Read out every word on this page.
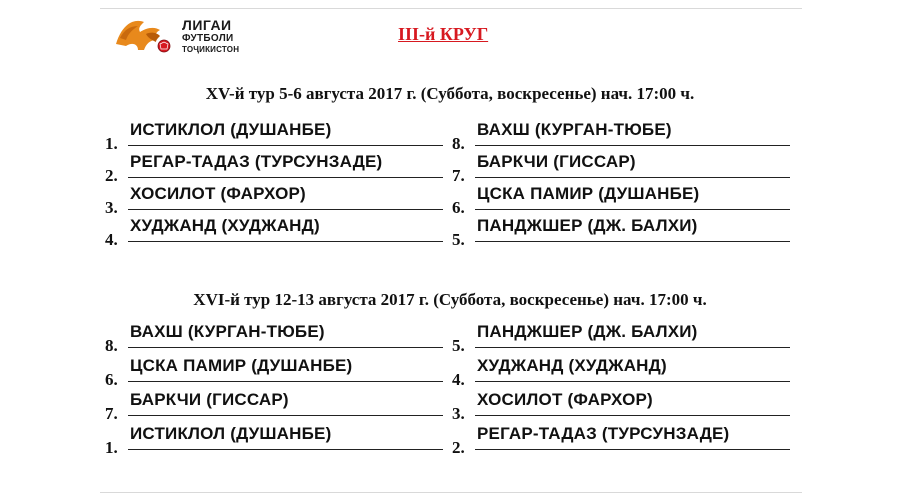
ЛИГАИ
ФУТБОЛИ
ТОҶИКИСТОН
III-й КРУГ
XV-й тур 5-6 августа 2017 г. (Суббота, воскресенье) нач. 17:00 ч.
1.
ИСТИКЛОЛ (ДУШАНБЕ)
8.
ВАХШ (КУРГАН-ТЮБЕ)
2.
РЕГАР-ТАДАЗ (ТУРСУНЗАДЕ)
7.
БАРКЧИ (ГИССАР)
3.
ХОСИЛОТ (ФАРХОР)
6.
ЦСКА ПАМИР (ДУШАНБЕ)
4.
ХУДЖАНД (ХУДЖАНД)
5.
ПАНДЖШЕР (ДЖ. БАЛХИ)
XVI-й тур 12-13 августа 2017 г. (Суббота, воскресенье) нач. 17:00 ч.
8.
ВАХШ (КУРГАН-ТЮБЕ)
5.
ПАНДЖШЕР (ДЖ. БАЛХИ)
6.
ЦСКА ПАМИР (ДУШАНБЕ)
4.
ХУДЖАНД (ХУДЖАНД)
7.
БАРКЧИ (ГИССАР)
3.
ХОСИЛОТ (ФАРХОР)
1.
ИСТИКЛОЛ (ДУШАНБЕ)
2.
РЕГАР-ТАДАЗ (ТУРСУНЗАДЕ)
